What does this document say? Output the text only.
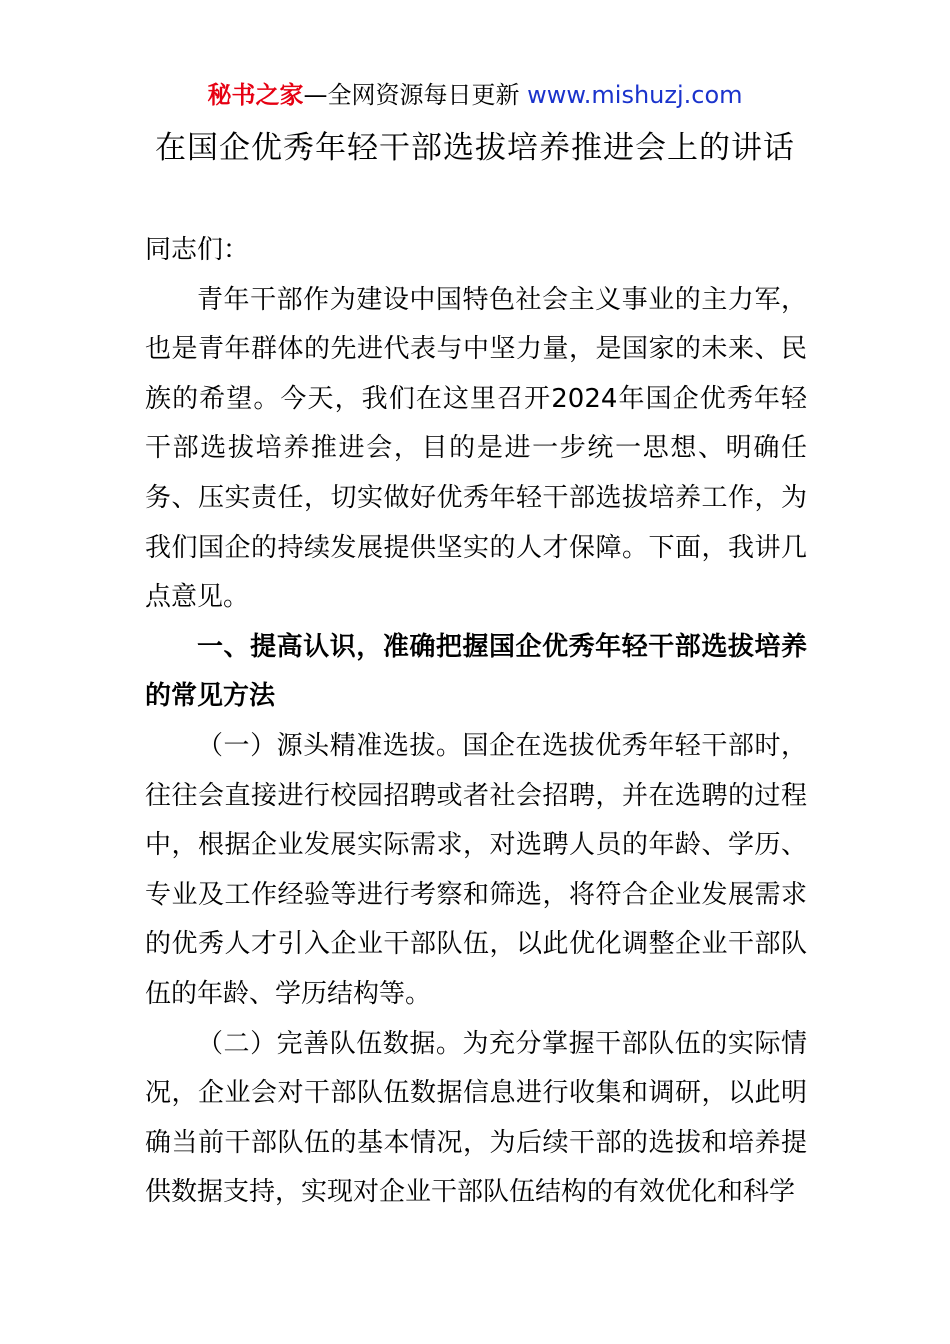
秘书之家—全网资源每日更新 www.mishuzj.com
在国企优秀年轻干部选拔培养推进会上的讲话

同志们：

青年干部作为建设中国特色社会主义事业的主力军，也是青年群体的先进代表与中坚力量，是国家的未来、民族的希望。今天，我们在这里召开2024年国企优秀年轻干部选拔培养推进会，目的是进一步统一思想、明确任务、压实责任，切实做好优秀年轻干部选拔培养工作，为我们国企的持续发展提供坚实的人才保障。下面，我讲几点意见。

一、提高认识，准确把握国企优秀年轻干部选拔培养的常见方法

（一）源头精准选拔。国企在选拔优秀年轻干部时，往往会直接进行校园招聘或者社会招聘，并在选聘的过程中，根据企业发展实际需求，对选聘人员的年龄、学历、专业及工作经验等进行考察和筛选，将符合企业发展需求的优秀人才引入企业干部队伍，以此优化调整企业干部队伍的年龄、学历结构等。

（二）完善队伍数据。为充分掌握干部队伍的实际情况，企业会对干部队伍数据信息进行收集和调研，以此明确当前干部队伍的基本情况，为后续干部的选拔和培养提供数据支持，实现对企业干部队伍结构的有效优化和科学
